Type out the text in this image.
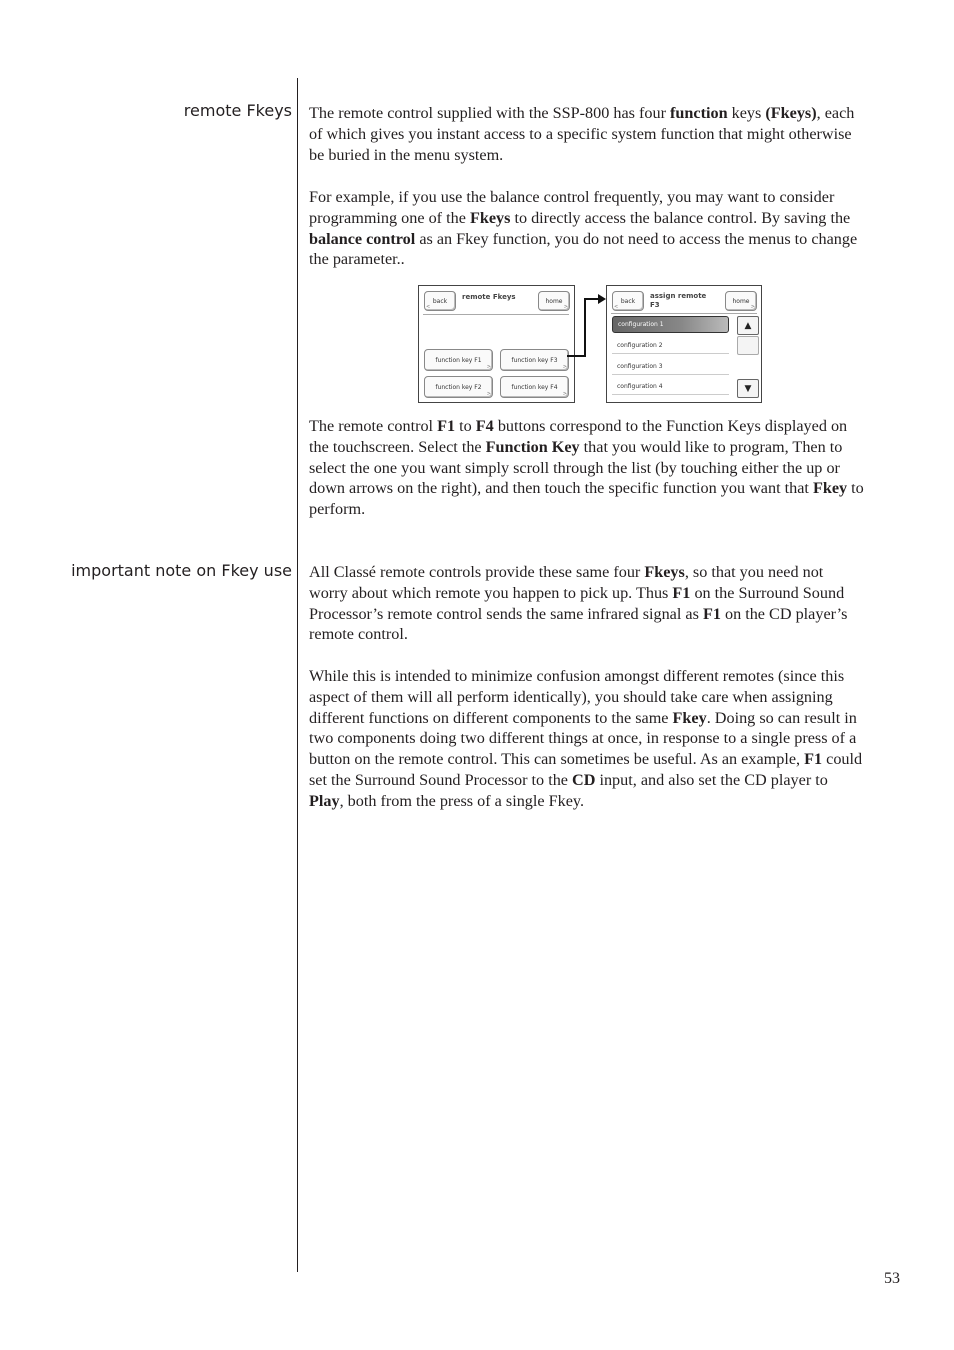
remote Fkeys The remote control supplied with the SSP-800 has four function keys (Fkeys), each of which gives you instant access to a specific system function that might otherwise be buried in the menu system.

For example, if you use the balance control frequently, you may want to consider programming one of the Fkeys to directly access the balance control. By saving the balance control as an Fkey function, you do not need to access the menus to change the parameter..

back
<
remote Fkeys	home
>
function key F1
>
function key F3
>
function key F2
>
function key F4
>
back
<
assign remote
F3	home
>
configuration 1
configuration 2
configuration 3
configuration 4
▲
▼

The remote control F1 to F4 buttons correspond to the Function Keys displayed on the touchscreen. Select the Function Key that you would like to program, Then to select the one you want simply scroll through the list (by touching either the up or down arrows on the right), and then touch the specific function you want that Fkey to perform.

important note on Fkey use All Classé remote controls provide these same four Fkeys, so that you need not worry about which remote you happen to pick up. Thus F1 on the Surround Sound Processor’s remote control sends the same infrared signal as F1 on the CD player’s remote control.

While this is intended to minimize confusion amongst different remotes (since this aspect of them will all perform identically), you should take care when assigning different functions on different components to the same Fkey. Doing so can result in two components doing two different things at once, in response to a single press of a button on the remote control. This can sometimes be useful. As an example, F1 could set the Surround Sound Processor to the CD input, and also set the CD player to Play, both from the press of a single Fkey.

53
